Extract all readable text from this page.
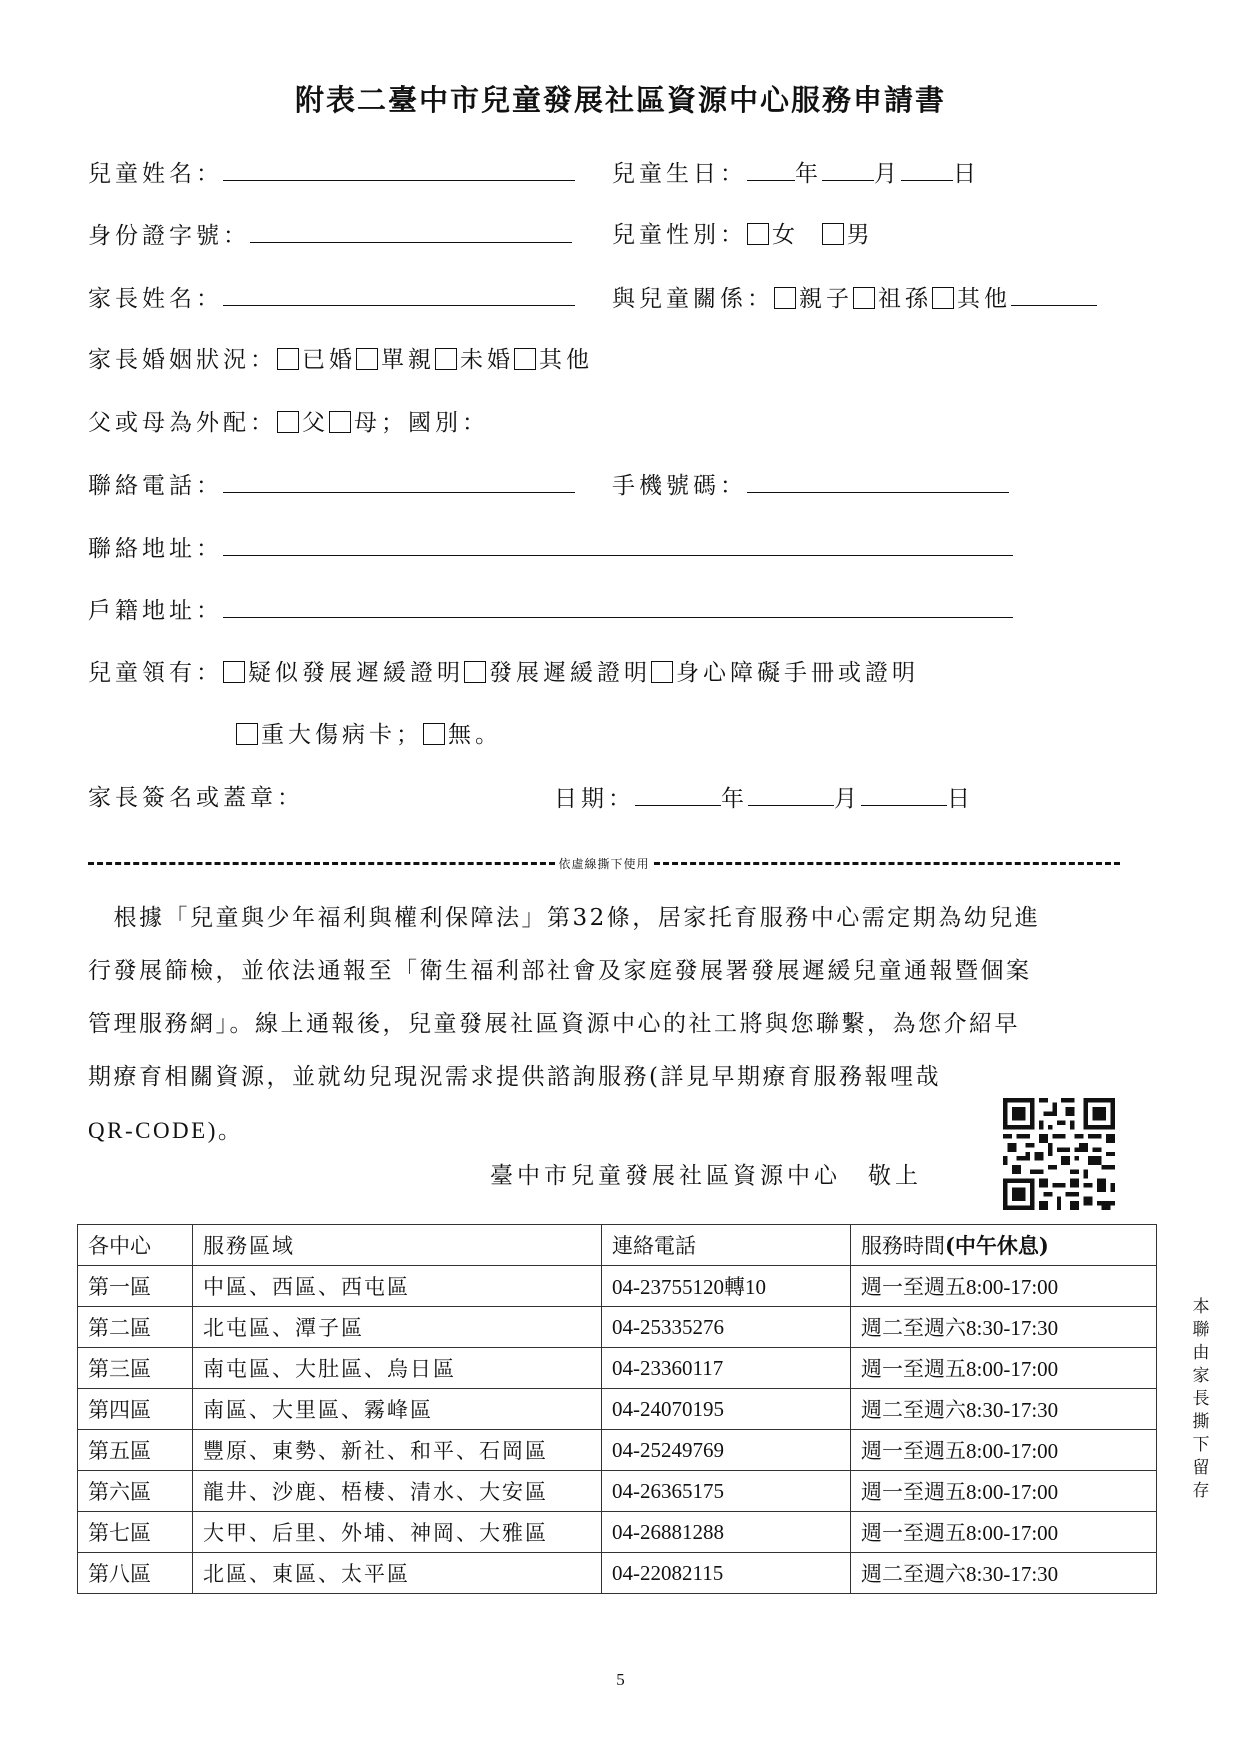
附表二臺中市兒童發展社區資源中心服務申請書
兒童姓名：	兒童生日： 年 月 日
身份證字號：	兒童性別： 女 男
家長姓名：	與兒童關係： 親子 祖孫 其他
家長婚姻狀況： 已婚 單親 未婚 其他
父或母為外配： 父 母；國別：
聯絡電話：	手機號碼：
聯絡地址：
戶籍地址：
兒童領有： 疑似發展遲緩證明 發展遲緩證明 身心障礙手冊或證明
重大傷病卡； 無。
家長簽名或蓋章：	日期：	年	月	日
依虛線撕下使用

　根據「兒童與少年福利與權利保障法」第32條，居家托育服務中心需定期為幼兒進

行發展篩檢，並依法通報至「衛生福利部社會及家庭發展署發展遲緩兒童通報暨個案

管理服務網」。線上通報後，兒童發展社區資源中心的社工將與您聯繫，為您介紹早

期療育相關資源，並就幼兒現況需求提供諮詢服務(詳見早期療育服務報哩哉

QR-CODE)。

臺中市兒童發展社區資源中心　敬上
各中心	服務區域	連絡電話	服務時間(中午休息)
第一區	中區、西區、西屯區	04-23755120轉10	週一至週五8:00-17:00
第二區	北屯區、潭子區	04-25335276	週二至週六8:30-17:30
第三區	南屯區、大肚區、烏日區	04-23360117	週一至週五8:00-17:00
第四區	南區、大里區、霧峰區	04-24070195	週二至週六8:30-17:30
第五區	豐原、東勢、新社、和平、石岡區	04-25249769	週一至週五8:00-17:00
第六區	龍井、沙鹿、梧棲、清水、大安區	04-26365175	週一至週五8:00-17:00
第七區	大甲、后里、外埔、神岡、大雅區	04-26881288	週一至週五8:00-17:00
第八區	北區、東區、太平區	04-22082115	週二至週六8:30-17:30
本聯由家長撕下留存
5
